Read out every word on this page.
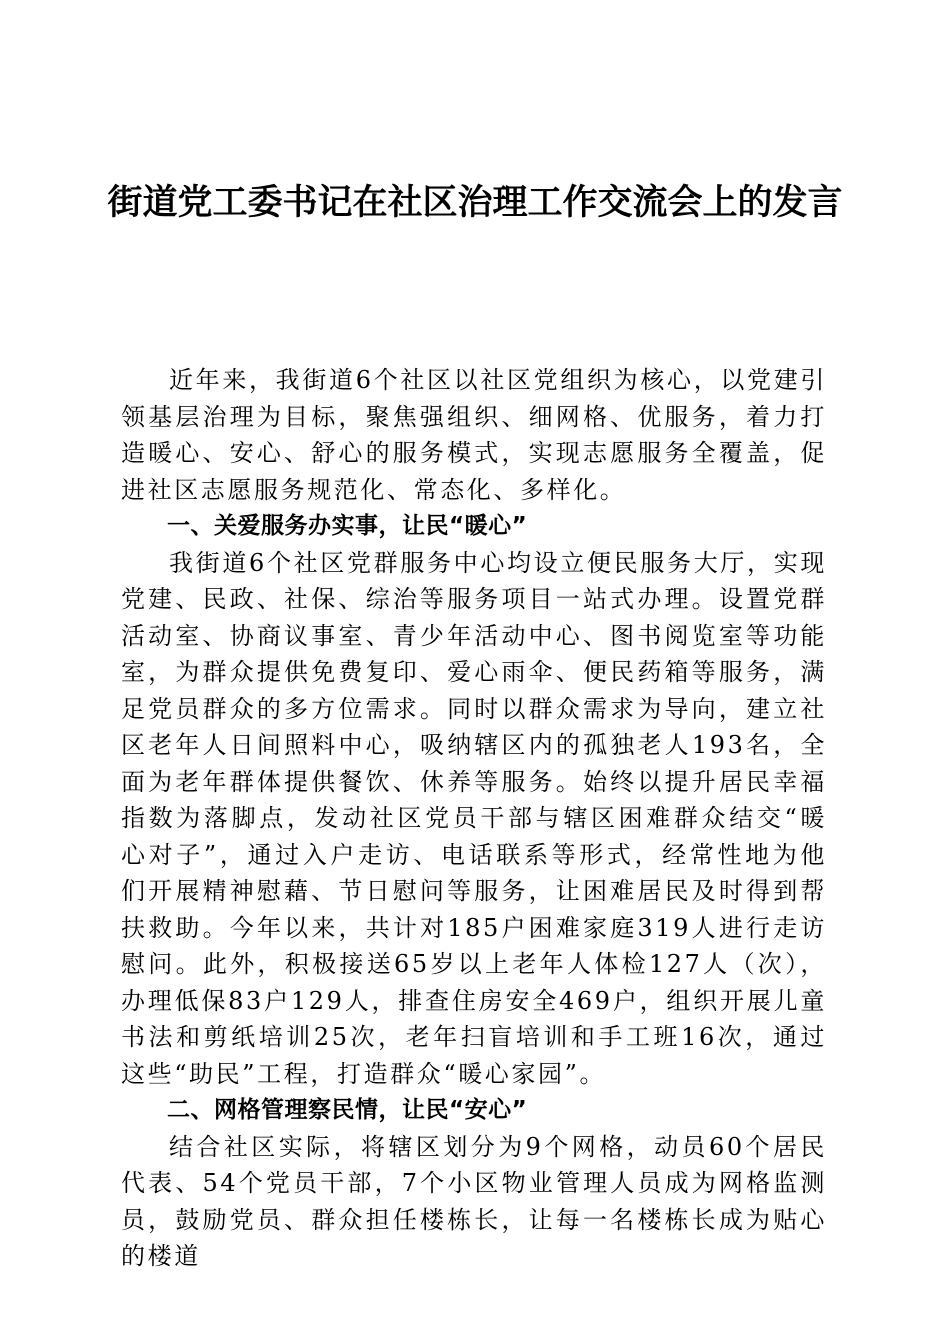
街道党工委书记在社区治理工作交流会上的发言

近年来，我街道6个社区以社区党组织为核心，以党建引领基层治理为目标，聚焦强组织、细网格、优服务，着力打造暖心、安心、舒心的服务模式，实现志愿服务全覆盖，促进社区志愿服务规范化、常态化、多样化。

一、关爱服务办实事，让民“暖心”

我街道6个社区党群服务中心均设立便民服务大厅，实现党建、民政、社保、综治等服务项目一站式办理。设置党群活动室、协商议事室、青少年活动中心、图书阅览室等功能室，为群众提供免费复印、爱心雨伞、便民药箱等服务，满足党员群众的多方位需求。同时以群众需求为导向，建立社区老年人日间照料中心，吸纳辖区内的孤独老人193名，全面为老年群体提供餐饮、休养等服务。始终以提升居民幸福指数为落脚点，发动社区党员干部与辖区困难群众结交“暖心对子”，通过入户走访、电话联系等形式，经常性地为他们开展精神慰藉、节日慰问等服务，让困难居民及时得到帮扶救助。今年以来，共计对185户困难家庭319人进行走访慰问。此外，积极接送65岁以上老年人体检127人（次），办理低保83户129人，排查住房安全469户，组织开展儿童书法和剪纸培训25次，老年扫盲培训和手工班16次，通过这些“助民”工程，打造群众“暖心家园”。

二、网格管理察民情，让民“安心”

结合社区实际，将辖区划分为9个网格，动员60个居民代表、54个党员干部，7个小区物业管理人员成为网格监测员，鼓励党员、群众担任楼栋长，让每一名楼栋长成为贴心的楼道
